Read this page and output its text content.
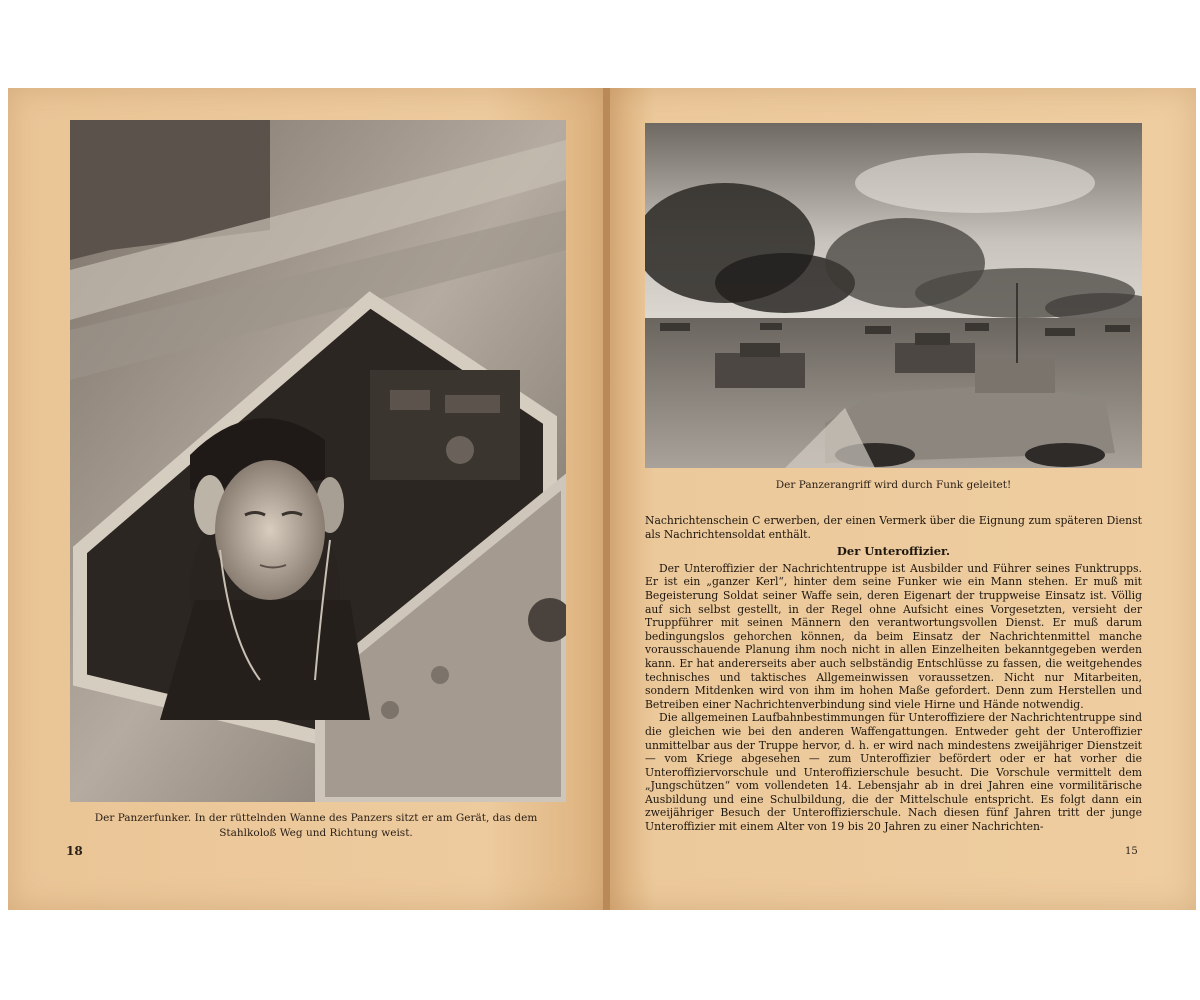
Der Panzerfunker. In der rüttelnden Wanne des Panzers sitzt er am Gerät, das dem Stahlkoloß Weg und Richtung weist.
18
Der Panzerangriff wird durch Funk geleitet!

Nachrichtenschein C erwerben, der einen Vermerk über die Eignung zum späteren Dienst als Nachrichtensoldat enthält.

Der Unteroffizier.

Der Unteroffizier der Nachrichtentruppe ist Ausbilder und Führer seines Funktrupps. Er ist ein „ganzer Kerl“, hinter dem seine Funker wie ein Mann stehen. Er muß mit Begeisterung Soldat seiner Waffe sein, deren Eigenart der truppweise Einsatz ist. Völlig auf sich selbst gestellt, in der Regel ohne Aufsicht eines Vorgesetzten, versieht der Truppführer mit seinen Männern den verantwortungsvollen Dienst. Er muß darum bedingungslos gehorchen können, da beim Einsatz der Nachrichtenmittel manche vorausschauende Planung ihm noch nicht in allen Einzelheiten bekanntgegeben werden kann. Er hat andererseits aber auch selbständig Entschlüsse zu fassen, die weitgehendes technisches und taktisches Allgemeinwissen voraussetzen. Nicht nur Mitarbeiten, sondern Mitdenken wird von ihm im hohen Maße gefordert. Denn zum Herstellen und Betreiben einer Nachrichtenverbindung sind viele Hirne und Hände notwendig.

Die allgemeinen Laufbahnbestimmungen für Unteroffiziere der Nachrichtentruppe sind die gleichen wie bei den anderen Waffengattungen. Entweder geht der Unteroffizier unmittelbar aus der Truppe hervor, d. h. er wird nach mindestens zweijähriger Dienstzeit — vom Kriege abgesehen — zum Unteroffizier befördert oder er hat vorher die Unteroffiziervorschule und Unteroffizierschule besucht. Die Vorschule vermittelt dem „Jungschützen“ vom vollendeten 14. Lebensjahr ab in drei Jahren eine vormilitärische Ausbildung und eine Schulbildung, die der Mittelschule entspricht. Es folgt dann ein zweijähriger Besuch der Unteroffizierschule. Nach diesen fünf Jahren tritt der junge Unteroffizier mit einem Alter von 19 bis 20 Jahren zu einer Nachrichten-

15
